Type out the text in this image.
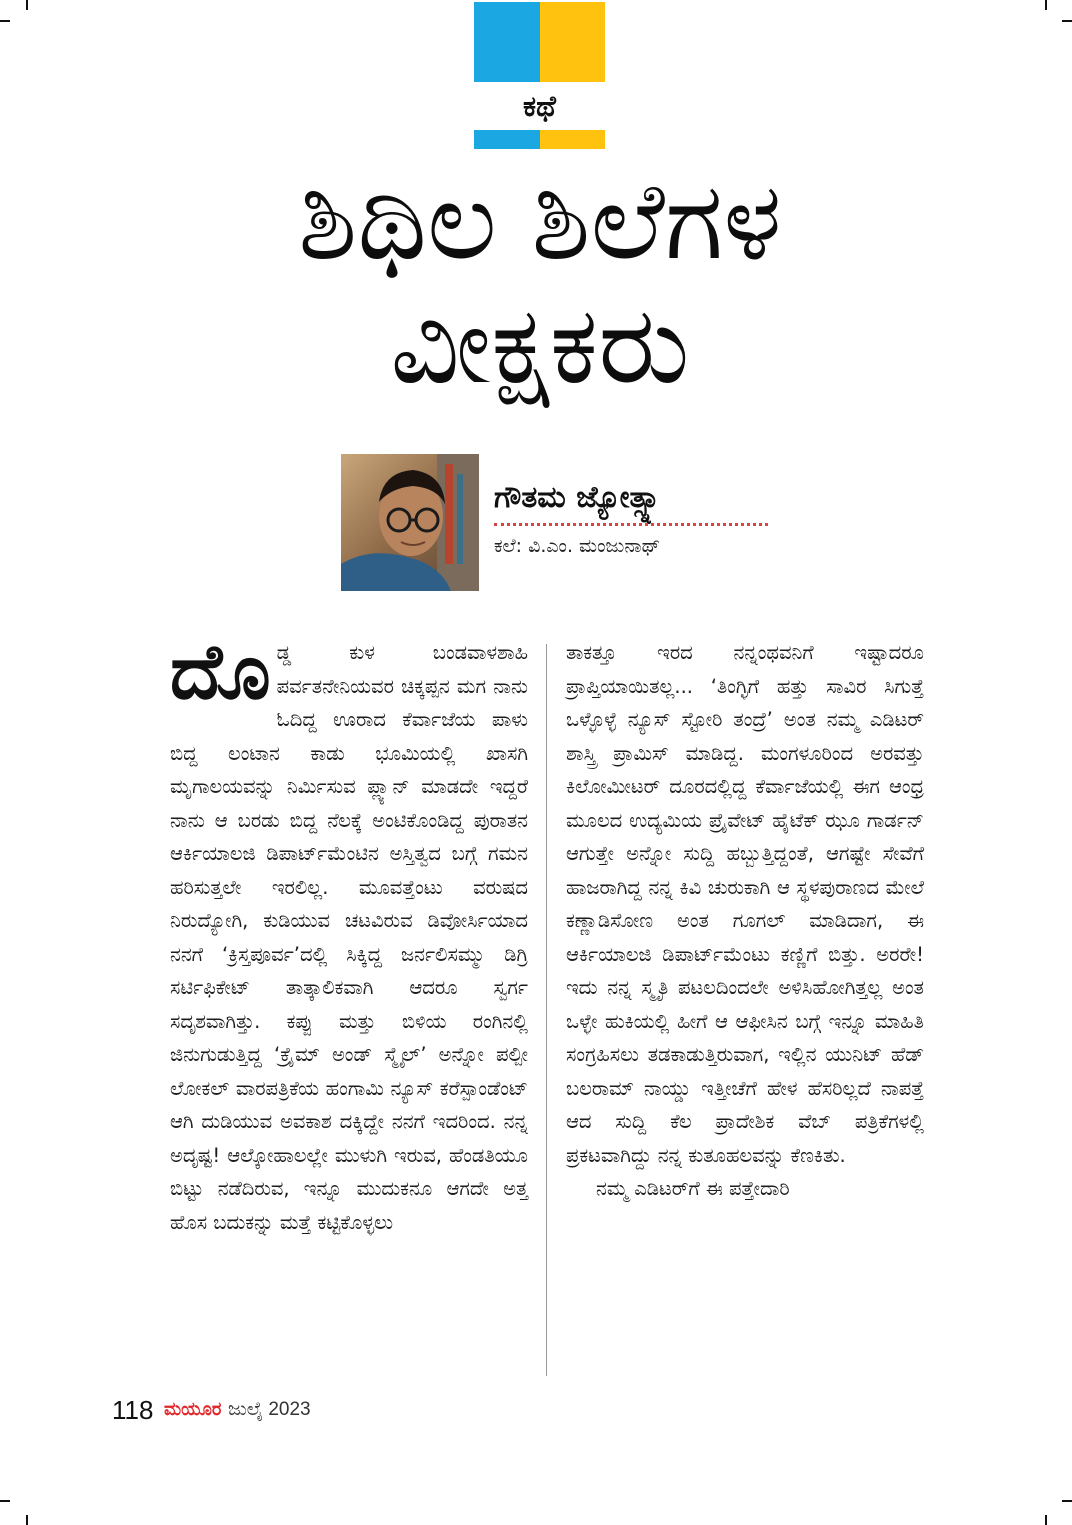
ಕಥೆ
ಶಿಥಿಲ ಶಿಲೆಗಳ
ವೀಕ್ಷಕರು
ಗೌತಮ ಜ್ಯೋತ್ಸ್ನಾ
ಕಲೆ: ವಿ.ಎಂ. ಮಂಜುನಾಥ್

ದೊಡ್ಡ ಕುಳ ಬಂಡವಾಳಶಾಹಿ ಪರ್ವತನೇನಿಯವರ ಚಿಕ್ಕಪ್ಪನ ಮಗ ನಾನು ಓದಿದ್ದ ಊರಾದ ಕೆರ್ವಾಜೆಯ ಪಾಳು ಬಿದ್ದ ಲಂಟಾನ ಕಾಡು ಭೂಮಿಯಲ್ಲಿ ಖಾಸಗಿ ಮೃಗಾಲಯವನ್ನು ನಿರ್ಮಿಸುವ ಪ್ಲ್ಯಾನ್ ಮಾಡದೇ ಇದ್ದರೆ ನಾನು ಆ ಬರಡು ಬಿದ್ದ ನೆಲಕ್ಕೆ ಅಂಟಿಕೊಂಡಿದ್ದ ಪುರಾತನ ಆರ್ಕಿಯಾಲಜಿ ಡಿಪಾರ್ಟ್‌ಮೆಂಟಿನ ಅಸ್ತಿತ್ವದ ಬಗ್ಗೆ ಗಮನ ಹರಿಸುತ್ತಲೇ ಇರಲಿಲ್ಲ. ಮೂವತ್ತೆಂಟು ವರುಷದ ನಿರುದ್ಯೋಗಿ, ಕುಡಿಯುವ ಚಟವಿರುವ ಡಿವೋರ್ಸಿಯಾದ ನನಗೆ ‘ಕ್ರಿಸ್ತಪೂರ್ವ’ದಲ್ಲಿ ಸಿಕ್ಕಿದ್ದ ಜರ್ನಲಿಸಮ್ಮು ಡಿಗ್ರಿ ಸರ್ಟಿಫಿಕೇಟ್ ತಾತ್ಕಾಲಿಕವಾಗಿ ಆದರೂ ಸ್ವರ್ಗ ಸದೃಶವಾಗಿತ್ತು. ಕಪ್ಪು ಮತ್ತು ಬಿಳಿಯ ರಂಗಿನಲ್ಲಿ ಜಿನುಗುಡುತ್ತಿದ್ದ ‘ಕ್ರೈಮ್ ಅಂಡ್ ಸ್ಮೈಲ್’ ಅನ್ನೋ ಪಲ್ಪೀ ಲೋಕಲ್ ವಾರಪತ್ರಿಕೆಯ ಹಂಗಾಮಿ ನ್ಯೂಸ್ ಕರೆಸ್ಪಾಂಡೆಂಟ್ ಆಗಿ ದುಡಿಯುವ ಅವಕಾಶ ದಕ್ಕಿದ್ದೇ ನನಗೆ ಇದರಿಂದ. ನನ್ನ ಅದೃಷ್ಟ! ಆಲ್ಕೋಹಾಲಲ್ಲೇ ಮುಳುಗಿ ಇರುವ, ಹೆಂಡತಿಯೂ ಬಿಟ್ಟು ನಡೆದಿರುವ, ಇನ್ನೂ ಮುದುಕನೂ ಆಗದೇ ಅತ್ತ ಹೊಸ ಬದುಕನ್ನು ಮತ್ತೆ ಕಟ್ಟಿಕೊಳ್ಳಲು

ತಾಕತ್ತೂ ಇರದ ನನ್ನಂಥವನಿಗೆ ಇಷ್ಟಾದರೂ ಪ್ರಾಪ್ತಿಯಾಯಿತಲ್ಲ... ‘ತಿಂಗ್ಳಿಗೆ ಹತ್ತು ಸಾವಿರ ಸಿಗುತ್ತೆ ಒಳ್ಳೊಳ್ಳೆ ನ್ಯೂಸ್ ಸ್ಟೋರಿ ತಂದ್ರೆ’ ಅಂತ ನಮ್ಮ ಎಡಿಟರ್ ಶಾಸ್ತ್ರಿ ಪ್ರಾಮಿಸ್ ಮಾಡಿದ್ದ. ಮಂಗಳೂರಿಂದ ಅರವತ್ತು ಕಿಲೋಮೀಟರ್ ದೂರದಲ್ಲಿದ್ದ ಕೆರ್ವಾಜೆಯಲ್ಲಿ ಈಗ ಆಂಧ್ರ ಮೂಲದ ಉದ್ಯಮಿಯ ಪ್ರೈವೇಟ್ ಹೈಟೆಕ್ ಝೂ ಗಾರ್ಡನ್ ಆಗುತ್ತೇ ಅನ್ನೋ ಸುದ್ದಿ ಹಬ್ಬುತ್ತಿದ್ದಂತೆ, ಆಗಷ್ಟೇ ಸೇವೆಗೆ ಹಾಜರಾಗಿದ್ದ ನನ್ನ ಕಿವಿ ಚುರುಕಾಗಿ ಆ ಸ್ಥಳಪುರಾಣದ ಮೇಲೆ ಕಣ್ಣಾಡಿಸೋಣ ಅಂತ ಗೂಗಲ್ ಮಾಡಿದಾಗ, ಈ ಆರ್ಕಿಯಾಲಜಿ ಡಿಪಾರ್ಟ್‌ಮೆಂಟು ಕಣ್ಣಿಗೆ ಬಿತ್ತು. ಅರರೇ! ಇದು ನನ್ನ ಸ್ಮೃತಿ ಪಟಲದಿಂದಲೇ ಅಳಿಸಿಹೋಗಿತ್ತಲ್ಲ ಅಂತ ಒಳ್ಳೇ ಹುಕಿಯಲ್ಲಿ ಹೀಗೆ ಆ ಆಫೀಸಿನ ಬಗ್ಗೆ ಇನ್ನೂ ಮಾಹಿತಿ ಸಂಗ್ರಹಿಸಲು ತಡಕಾಡುತ್ತಿರುವಾಗ, ಇಲ್ಲಿನ ಯುನಿಟ್ ಹೆಡ್ ಬಲರಾಮ್ ನಾಯ್ಡು ಇತ್ತೀಚೆಗೆ ಹೇಳ ಹೆಸರಿಲ್ಲದೆ ನಾಪತ್ತೆ ಆದ ಸುದ್ದಿ ಕೆಲ ಪ್ರಾದೇಶಿಕ ವೆಬ್ ಪತ್ರಿಕೆಗಳಲ್ಲಿ ಪ್ರಕಟವಾಗಿದ್ದು ನನ್ನ ಕುತೂಹಲವನ್ನು ಕೆಣಕಿತು.

ನಮ್ಮ ಎಡಿಟರ್‌ಗೆ ಈ ಪತ್ತೇದಾರಿ

118 ಮಯೂರ ಜುಲೈ 2023
